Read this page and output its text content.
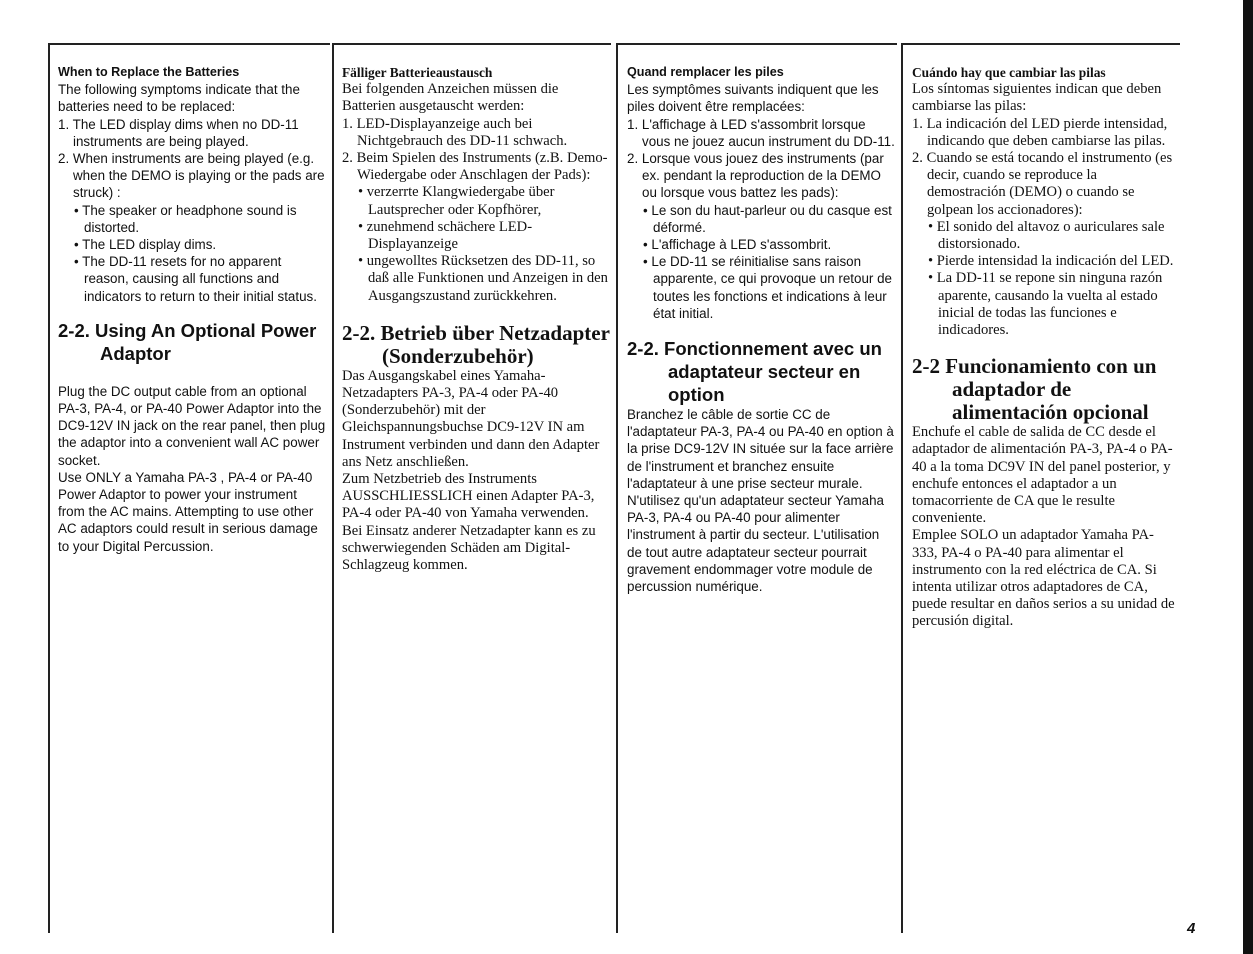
When to Replace the Batteries

The following symptoms indicate that the batteries need to be replaced:

1. The LED display dims when no DD-11 instruments are being played.

2. When instruments are being played (e.g. when the DEMO is playing or the pads are struck) :

• The speaker or headphone sound is distorted.

• The LED display dims.

• The DD-11 resets for no apparent reason, causing all functions and indicators to return to their initial status.

2-2. Using An Optional Power Adaptor

Plug the DC output cable from an optional PA-3, PA-4, or PA-40 Power Adaptor into the DC9-12V IN jack on the rear panel, then plug the adaptor into a convenient wall AC power socket.

Use ONLY a Yamaha PA-3 , PA-4 or PA-40 Power Adaptor to power your instrument from the AC mains. Attempting to use other AC adaptors could result in serious damage to your Digital Percussion.

Fälliger Batterieaustausch

Bei folgenden Anzeichen müssen die Batterien ausgetauscht werden:

1. LED-Displayanzeige auch bei Nichtgebrauch des DD-11 schwach.

2. Beim Spielen des Instruments (z.B. Demo-Wiedergabe oder Anschlagen der Pads):

• verzerrte Klangwiedergabe über Lautsprecher oder Kopfhörer,

• zunehmend schächere LED-Displayanzeige

• ungewolltes Rücksetzen des DD-11, so daß alle Funktionen und Anzeigen in den Ausgangszustand zurückkehren.

2-2. Betrieb über Netzadapter (Sonderzubehör)

Das Ausgangskabel eines Yamaha-Netzadapters PA-3, PA-4 oder PA-40 (Sonderzubehör) mit der Gleichspannungsbuchse DC9-12V IN am Instrument verbinden und dann den Adapter ans Netz anschließen.

Zum Netzbetrieb des Instruments AUSSCHLIESSLICH einen Adapter PA-3, PA-4 oder PA-40 von Yamaha verwenden. Bei Einsatz anderer Netzadapter kann es zu schwerwiegenden Schäden am Digital-Schlagzeug kommen.

Quand remplacer les piles

Les symptômes suivants indiquent que les piles doivent être remplacées:

1. L'affichage à LED s'assombrit lorsque vous ne jouez aucun instrument du DD-11.

2. Lorsque vous jouez des instruments (par ex. pendant la reproduction de la DEMO ou lorsque vous battez les pads):

• Le son du haut-parleur ou du casque est déformé.

• L'affichage à LED s'assombrit.

• Le DD-11 se réinitialise sans raison apparente, ce qui provoque un retour de toutes les fonctions et indications à leur état initial.

2-2. Fonctionnement avec un adaptateur secteur en option

Branchez le câble de sortie CC de l'adaptateur PA-3, PA-4 ou PA-40 en option à la prise DC9-12V IN située sur la face arrière de l'instrument et branchez ensuite l'adaptateur à une prise secteur murale.

N'utilisez qu'un adaptateur secteur Yamaha PA-3, PA-4 ou PA-40 pour alimenter l'instrument à partir du secteur. L'utilisation de tout autre adaptateur secteur pourrait gravement endommager votre module de percussion numérique.

Cuándo hay que cambiar las pilas

Los síntomas siguientes indican que deben cambiarse las pilas:

1. La indicación del LED pierde intensidad, indicando que deben cambiarse las pilas.

2. Cuando se está tocando el instrumento (es decir, cuando se reproduce la demostración (DEMO) o cuando se golpean los accionadores):

• El sonido del altavoz o auriculares sale distorsionado.

• Pierde intensidad la indicación del LED.

• La DD-11 se repone sin ninguna razón aparente, causando la vuelta al estado inicial de todas las funciones e indicadores.

2-2 Funcionamiento con un adaptador de alimentación opcional

Enchufe el cable de salida de CC desde el adaptador de alimentación PA-3, PA-4 o PA-40 a la toma DC9V IN del panel posterior, y enchufe entonces el adaptador a un tomacorriente de CA que le resulte conveniente.

Emplee SOLO un adaptador Yamaha PA-333, PA-4 o PA-40 para alimentar el instrumento con la red eléctrica de CA. Si intenta utilizar otros adaptadores de CA, puede resultar en daños serios a su unidad de percusión digital.

4
